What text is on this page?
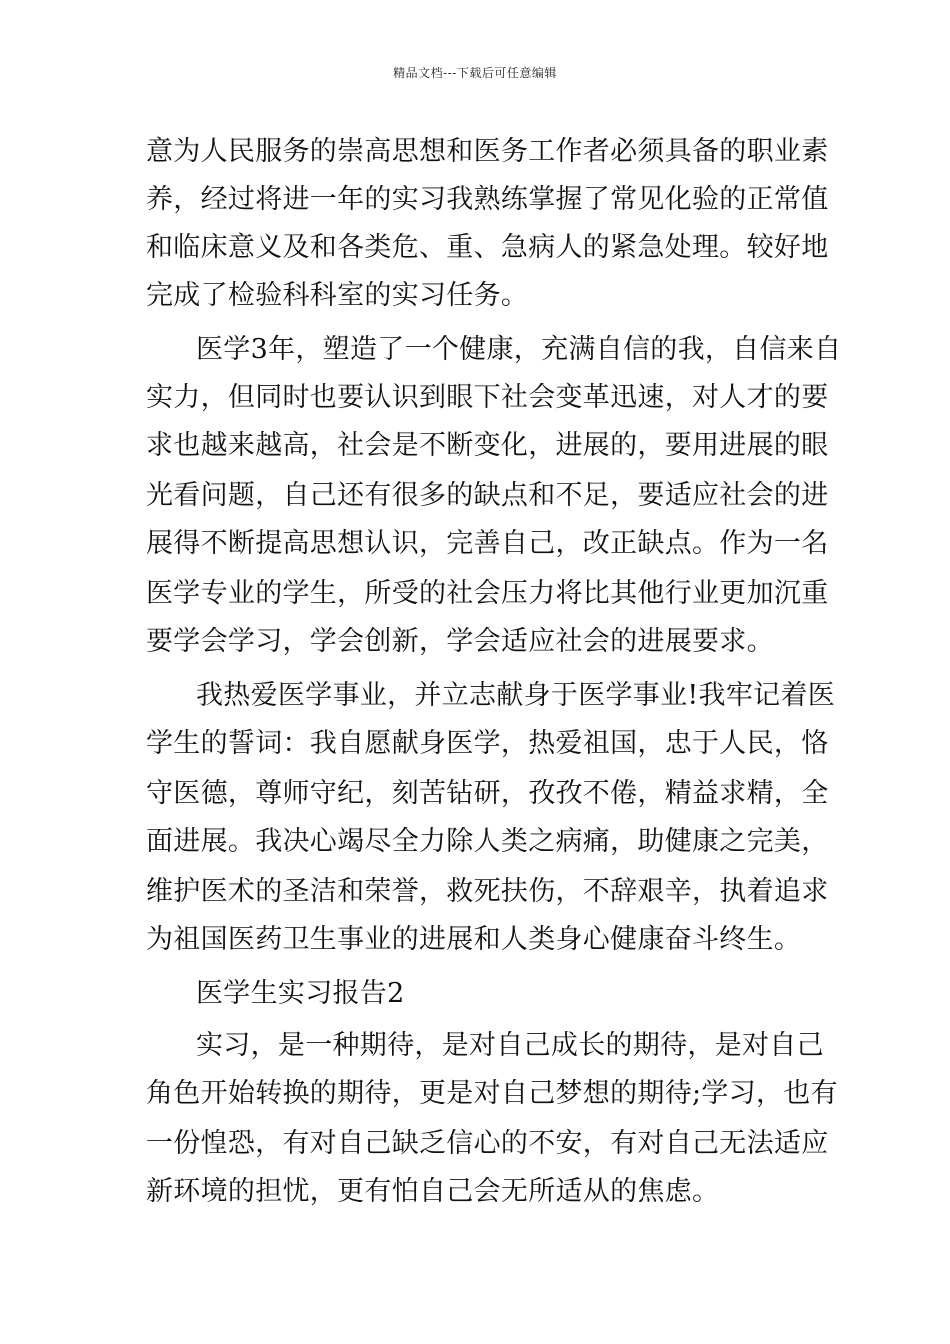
精品文档---下载后可任意编辑
意为人民服务的崇高思想和医务工作者必须具备的职业素
养，经过将进一年的实习我熟练掌握了常见化验的正常值
和临床意义及和各类危、重、急病人的紧急处理。较好地
完成了检验科科室的实习任务。
医学3年，塑造了一个健康，充满自信的我，自信来自
实力，但同时也要认识到眼下社会变革迅速，对人才的要
求也越来越高，社会是不断变化，进展的，要用进展的眼
光看问题，自己还有很多的缺点和不足，要适应社会的进
展得不断提高思想认识，完善自己，改正缺点。作为一名
医学专业的学生，所受的社会压力将比其他行业更加沉重
要学会学习，学会创新，学会适应社会的进展要求。
我热爱医学事业，并立志献身于医学事业!我牢记着医
学生的誓词：我自愿献身医学，热爱祖国，忠于人民，恪
守医德，尊师守纪，刻苦钻研，孜孜不倦，精益求精，全
面进展。我决心竭尽全力除人类之病痛，助健康之完美，
维护医术的圣洁和荣誉，救死扶伤，不辞艰辛，执着追求
为祖国医药卫生事业的进展和人类身心健康奋斗终生。
医学生实习报告2
实习，是一种期待，是对自己成长的期待，是对自己
角色开始转换的期待，更是对自己梦想的期待;学习，也有
一份惶恐，有对自己缺乏信心的不安，有对自己无法适应
新环境的担忧，更有怕自己会无所适从的焦虑。
